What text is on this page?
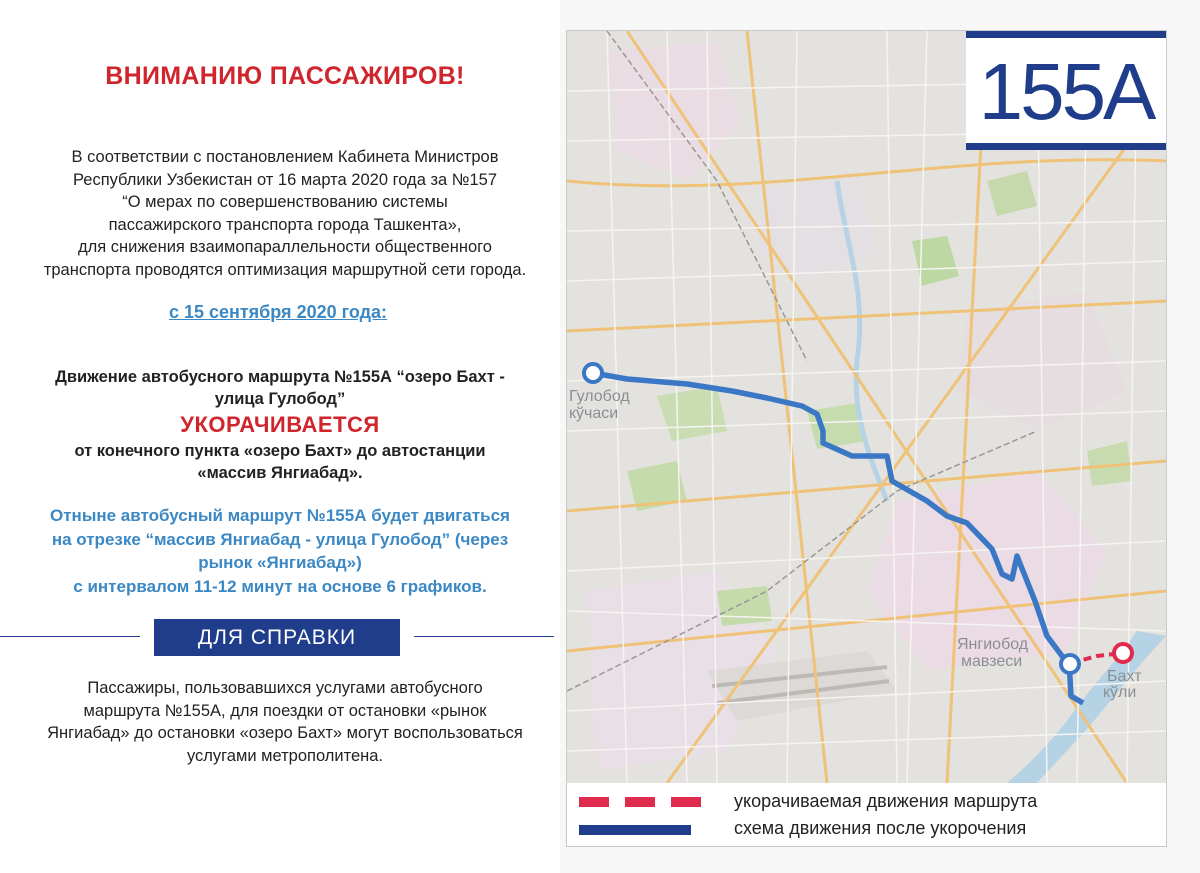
ВНИМАНИЮ ПАССАЖИРОВ!
В соответствии с постановлением Кабинета Министров
Республики Узбекистан от 16 марта 2020 года за №157
“О мерах по совершенствованию системы
пассажирского транспорта города Ташкента»,
для снижения взаимопараллельности общественного
транспорта проводятся оптимизация маршрутной сети города.
с 15 сентября 2020 года:
Движение автобусного маршрута №155А “озеро Бахт -
улица Гулобод”
УКОРАЧИВАЕТСЯ
от конечного пункта «озеро Бахт» до автостанции
«массив Янгиабад».
Отныне автобусный маршрут №155А будет двигаться
на отрезке “массив Янгиабад - улица Гулобод” (через
рынок «Янгиабад»)
с интервалом 11-12 минут на основе 6 графиков.
ДЛЯ СПРАВКИ
Пассажиры, пользовавшихся услугами автобусного
маршрута №155А, для поездки от остановки «рынок
Янгиабад» до остановки «озеро Бахт» могут воспользоваться
услугами метрополитена.
Гулобод
кўчаси
Янгиобод
мавзеси
Бахт
кўли
155А
укорачиваемая движения маршрута
схема движения после укорочения
